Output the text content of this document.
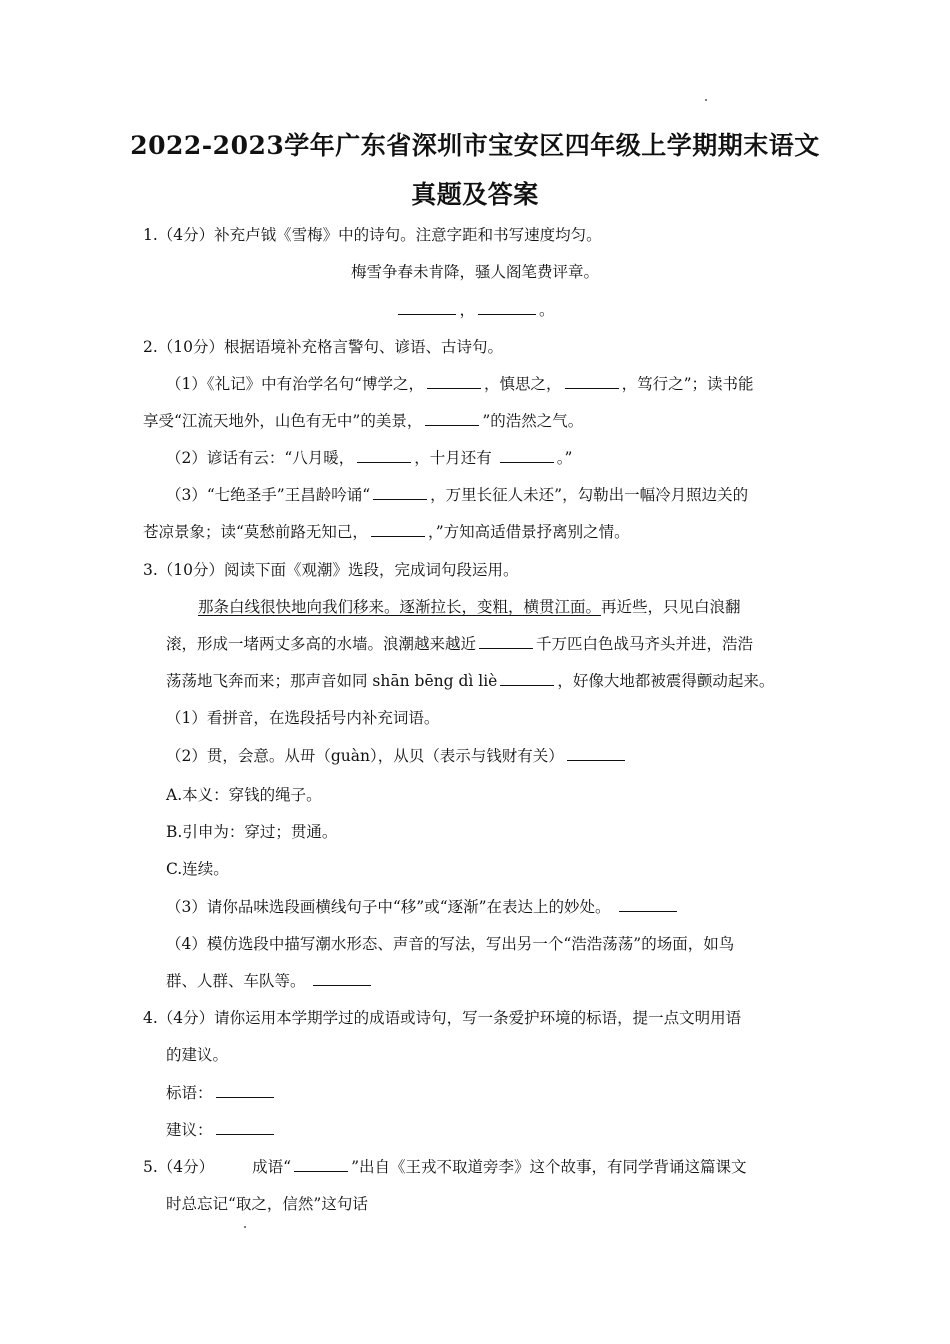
2022-2023学年广东省深圳市宝安区四年级上学期期末语文
真题及答案
1.（4分）补充卢钺《雪梅》中的诗句。注意字距和书写速度均匀。
梅雪争春未肯降，骚人阁笔费评章。
，	。
2.（10分）根据语境补充格言警句、谚语、古诗句。
（1）《礼记》中有治学名句“博学之，	，慎思之，	，笃行之”；读书能
享受“江流天地外，山色有无中”的美景，	”的浩然之气。
（2）谚话有云：“八月暖，	，十月还有	。”
（3）“七绝圣手”王昌龄吟诵“	，万里长征人未还”，勾勒出一幅冷月照边关的
苍凉景象；读“莫愁前路无知己，	，”方知高适借景抒离别之情。
3.（10分）阅读下面《观潮》选段，完成词句段运用。
那条白线很快地向我们移来。逐渐拉长，变粗，横贯江面。再近些，只见白浪翻
滚，形成一堵两丈多高的水墙。浪潮越来越近	千万匹白色战马齐头并进，浩浩
荡荡地飞奔而来；那声音如同 shān bēng dì liè	，好像大地都被震得颤动起来。
（1）看拼音，在选段括号内补充词语。
（2）贯，会意。从毌（guàn），从贝（表示与钱财有关）
A.本义：穿钱的绳子。
B.引申为：穿过；贯通。
C.连续。
（3）请你品味选段画横线句子中“移”或“逐渐”在表达上的妙处。
（4）模仿选段中描写潮水形态、声音的写法，写出另一个“浩浩荡荡”的场面，如鸟
群、人群、车队等。
4.（4分）请你运用本学期学过的成语或诗句，写一条爱护环境的标语，提一点文明用语
的建议。
标语：
建议：
5.（4分） 成语“	”出自《王戎不取道旁李》这个故事，有同学背诵这篇课文
时总忘记“取之，信然”这句话
